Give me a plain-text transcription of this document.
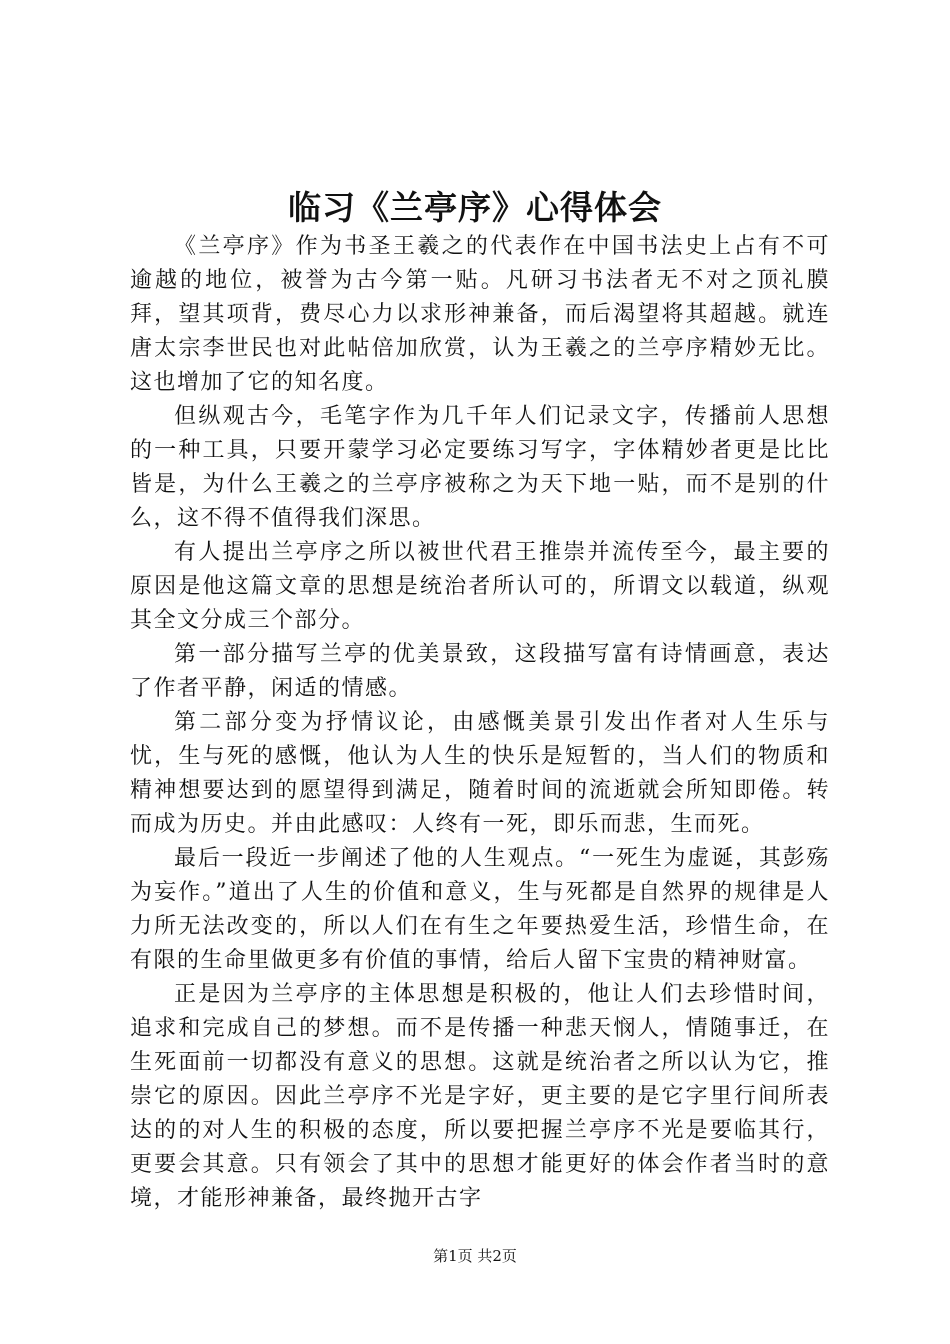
临习《兰亭序》心得体会

《兰亭序》作为书圣王羲之的代表作在中国书法史上占有不可逾越的地位，被誉为古今第一贴。凡研习书法者无不对之顶礼膜拜，望其项背，费尽心力以求形神兼备，而后渴望将其超越。就连唐太宗李世民也对此帖倍加欣赏，认为王羲之的兰亭序精妙无比。这也增加了它的知名度。

但纵观古今，毛笔字作为几千年人们记录文字，传播前人思想的一种工具，只要开蒙学习必定要练习写字，字体精妙者更是比比皆是，为什么王羲之的兰亭序被称之为天下地一贴，而不是别的什么，这不得不值得我们深思。

有人提出兰亭序之所以被世代君王推崇并流传至今，最主要的原因是他这篇文章的思想是统治者所认可的，所谓文以载道，纵观其全文分成三个部分。

第一部分描写兰亭的优美景致，这段描写富有诗情画意，表达了作者平静，闲适的情感。

第二部分变为抒情议论，由感慨美景引发出作者对人生乐与忧，生与死的感慨，他认为人生的快乐是短暂的，当人们的物质和精神想要达到的愿望得到满足，随着时间的流逝就会所知即倦。转而成为历史。并由此感叹：人终有一死，即乐而悲，生而死。

最后一段近一步阐述了他的人生观点。“一死生为虚诞，其彭殇为妄作。”道出了人生的价值和意义，生与死都是自然界的规律是人力所无法改变的，所以人们在有生之年要热爱生活，珍惜生命，在有限的生命里做更多有价值的事情，给后人留下宝贵的精神财富。

正是因为兰亭序的主体思想是积极的，他让人们去珍惜时间，追求和完成自己的梦想。而不是传播一种悲天悯人，情随事迁，在生死面前一切都没有意义的思想。这就是统治者之所以认为它，推崇它的原因。因此兰亭序不光是字好，更主要的是它字里行间所表达的的对人生的积极的态度，所以要把握兰亭序不光是要临其行，更要会其意。只有领会了其中的思想才能更好的体会作者当时的意境，才能形神兼备，最终抛开古字

第1页 共2页
